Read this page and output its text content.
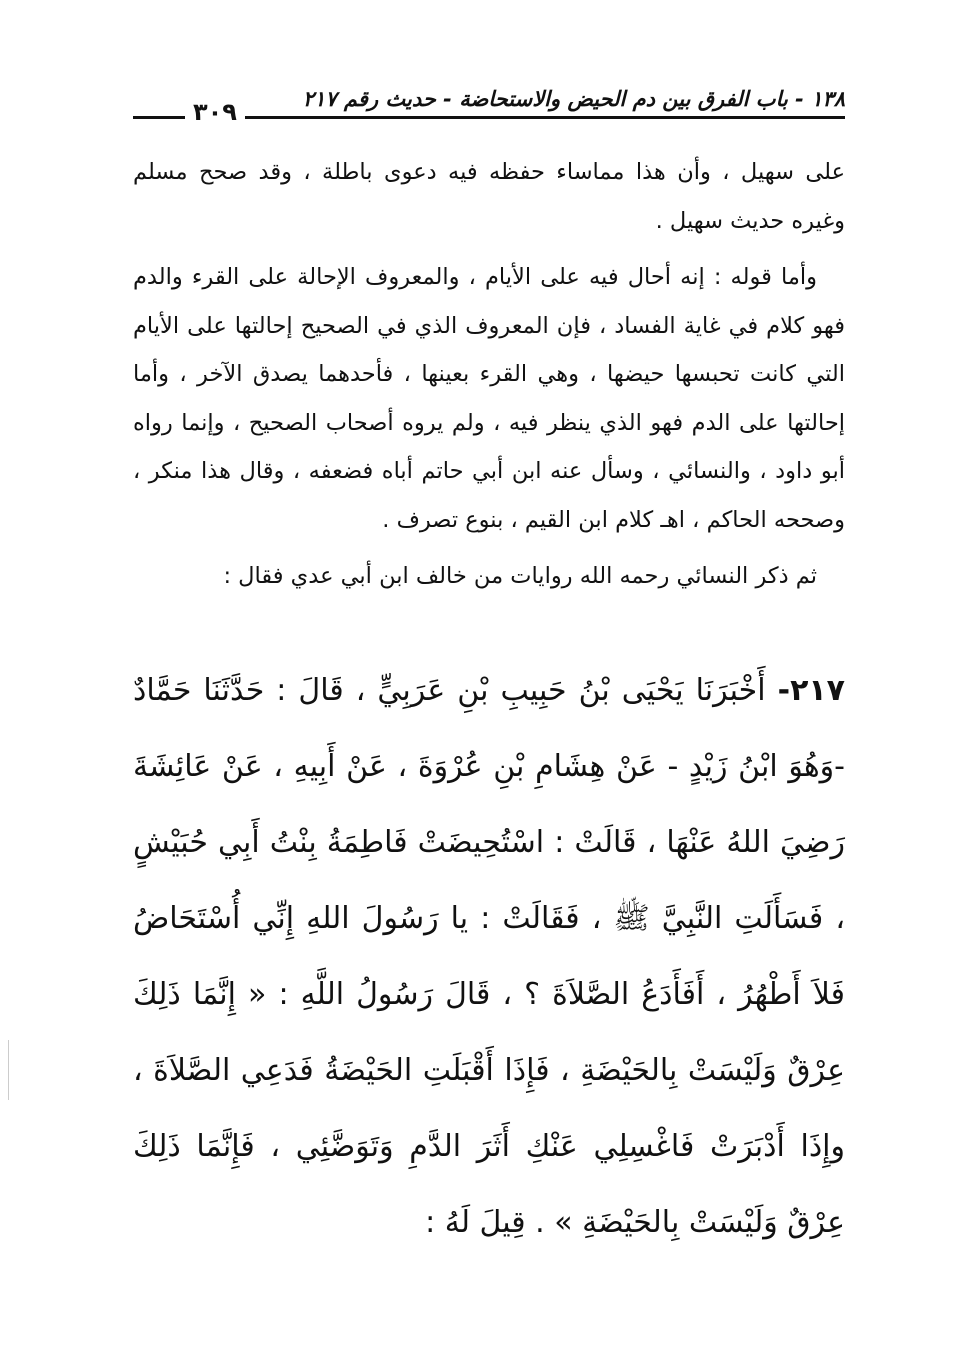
١٣٨ - باب الفرق بين دم الحيض والاستحاضة - حديث رقم ٢١٧
٣٠٩

على سهيل ، وأن هذا مماساء حفظه فيه دعوى باطلة ، وقد صحح مسلم وغيره حديث سهيل .

وأما قوله : إنه أحال فيه على الأيام ، والمعروف الإحالة على القرء والدم فهو كلام في غاية الفساد ، فإن المعروف الذي في الصحيح إحالتها على الأيام التي كانت تحبسها حيضها ، وهي القرء بعينها ، فأحدهما يصدق الآخر ، وأما إحالتها على الدم فهو الذي ينظر فيه ، ولم يروه أصحاب الصحيح ، وإنما رواه أبو داود ، والنسائي ، وسأل عنه ابن أبي حاتم أباه فضعفه ، وقال هذا منكر ، وصححه الحاكم ، اهـ كلام ابن القيم ، بنوع تصرف .

ثم ذكر النسائي رحمه الله روايات من خالف ابن أبي عدي فقال :

٢١٧- أَخْبَرَنَا يَحْيَى بْنُ حَبِيبِ بْنِ عَرَبِيٍّ ، قَالَ : حَدَّثَنَا حَمَّادٌ -وَهُوَ ابْنُ زَيْدٍ - عَنْ هِشَامِ بْنِ عُرْوَةَ ، عَنْ أَبِيهِ ، عَنْ عَائِشَةَ رَضِيَ اللهُ عَنْهَا ، قَالَتْ : اسْتُحِيضَتْ فَاطِمَةُ بِنْتُ أَبِي حُبَيْشٍ ، فَسَأَلَتِ النَّبِيَّ ﷺ ، فَقَالَتْ : يا رَسُولَ اللهِ إِنِّي أُسْتَحَاضُ فَلاَ أَطْهُرُ ، أَفَأَدَعُ الصَّلاَةَ ؟ ، قَالَ رَسُولُ اللَّهِ : « إِنَّمَا ذَلِكَ عِرْقٌ وَلَيْسَتْ بِالحَيْضَةِ ، فَإِذَا أَقْبَلَتِ الحَيْضَةُ فَدَعِي الصَّلاَةَ ، وإِذَا أَدْبَرَتْ فَاغْسِلِي عَنْكِ أَثَرَ الدَّمِ وَتَوَضَّئِي ، فَإِنَّمَا ذَلِكَ عِرْقٌ وَلَيْسَتْ بِالحَيْضَةِ » . قِيلَ لَهُ :
